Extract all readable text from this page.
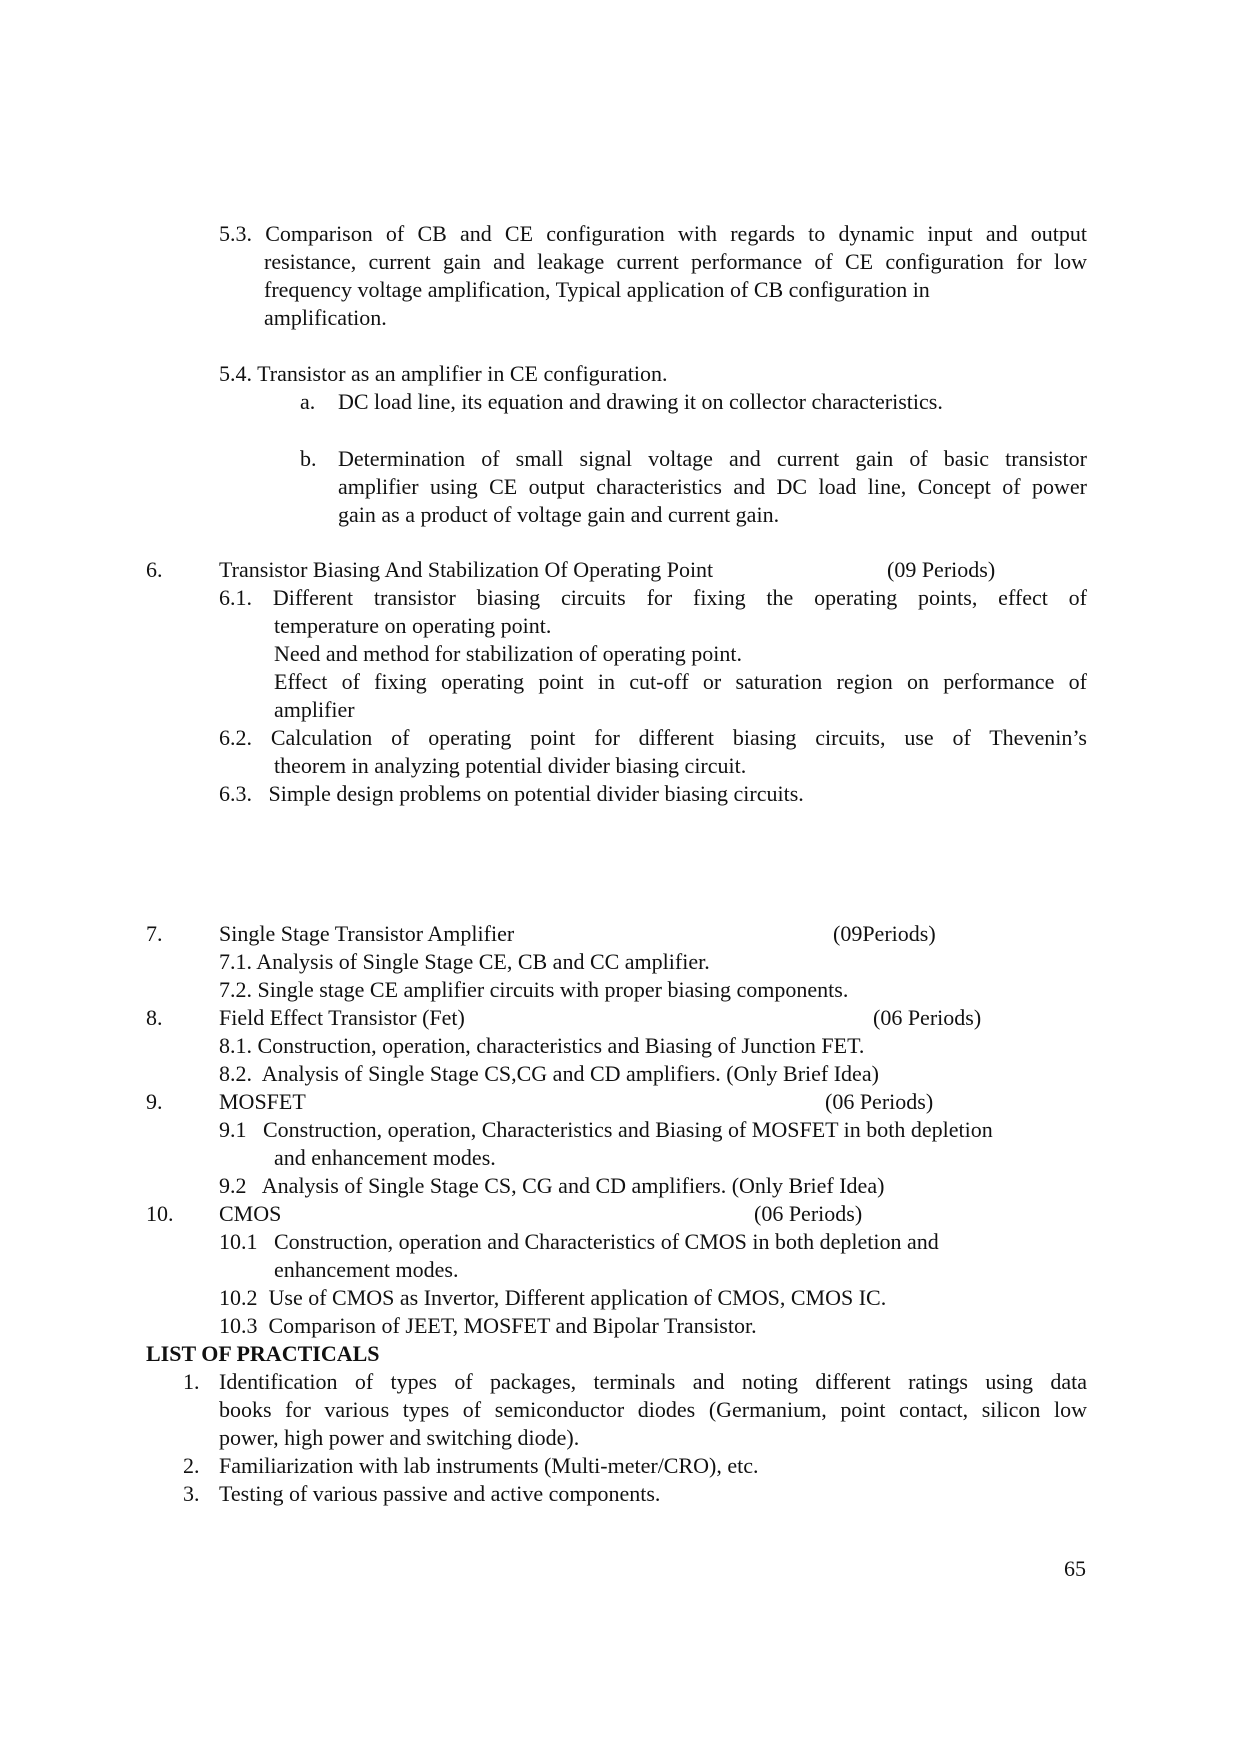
5.3. Comparison of CB and CE configuration with regards to dynamic input and output
resistance, current gain and leakage current performance of CE configuration for low
frequency voltage amplification, Typical application of CB configuration in
amplification.
5.4. Transistor as an amplifier in CE configuration.
a. DC load line, its equation and drawing it on collector characteristics.
b. Determination of small signal voltage and current gain of basic transistor
amplifier using CE output characteristics and DC load line, Concept of power
gain as a product of voltage gain and current gain.
6.	Transistor Biasing And Stabilization Of Operating Point	(09 Periods)
6.1. Different transistor biasing circuits for fixing the operating points, effect of
temperature on operating point.
Need and method for stabilization of operating point.
Effect of fixing operating point in cut-off or saturation region on performance of
amplifier
6.2. Calculation of operating point for different biasing circuits, use of Thevenin’s
theorem in analyzing potential divider biasing circuit.
6.3.   Simple design problems on potential divider biasing circuits.
7.	Single Stage Transistor Amplifier	(09Periods)
7.1. Analysis of Single Stage CE, CB and CC amplifier.
7.2. Single stage CE amplifier circuits with proper biasing components.
8.	Field Effect Transistor (Fet)	(06 Periods)
8.1. Construction, operation, characteristics and Biasing of Junction FET.
8.2.  Analysis of Single Stage CS,CG and CD amplifiers. (Only Brief Idea)
9.	MOSFET	(06 Periods)
9.1   Construction, operation, Characteristics and Biasing of MOSFET in both depletion
and enhancement modes.
9.2   Analysis of Single Stage CS, CG and CD amplifiers. (Only Brief Idea)
10. CMOS	(06 Periods)
10.1   Construction, operation and Characteristics of CMOS in both depletion and
enhancement modes.
10.2  Use of CMOS as Invertor, Different application of CMOS, CMOS IC.
10.3  Comparison of JEET, MOSFET and Bipolar Transistor.
LIST OF PRACTICALS
1. Identification of types of packages, terminals and noting different ratings using data
books for various types of semiconductor diodes (Germanium, point contact, silicon low
power, high power and switching diode).
2. Familiarization with lab instruments (Multi-meter/CRO), etc.
3. Testing of various passive and active components.
65
